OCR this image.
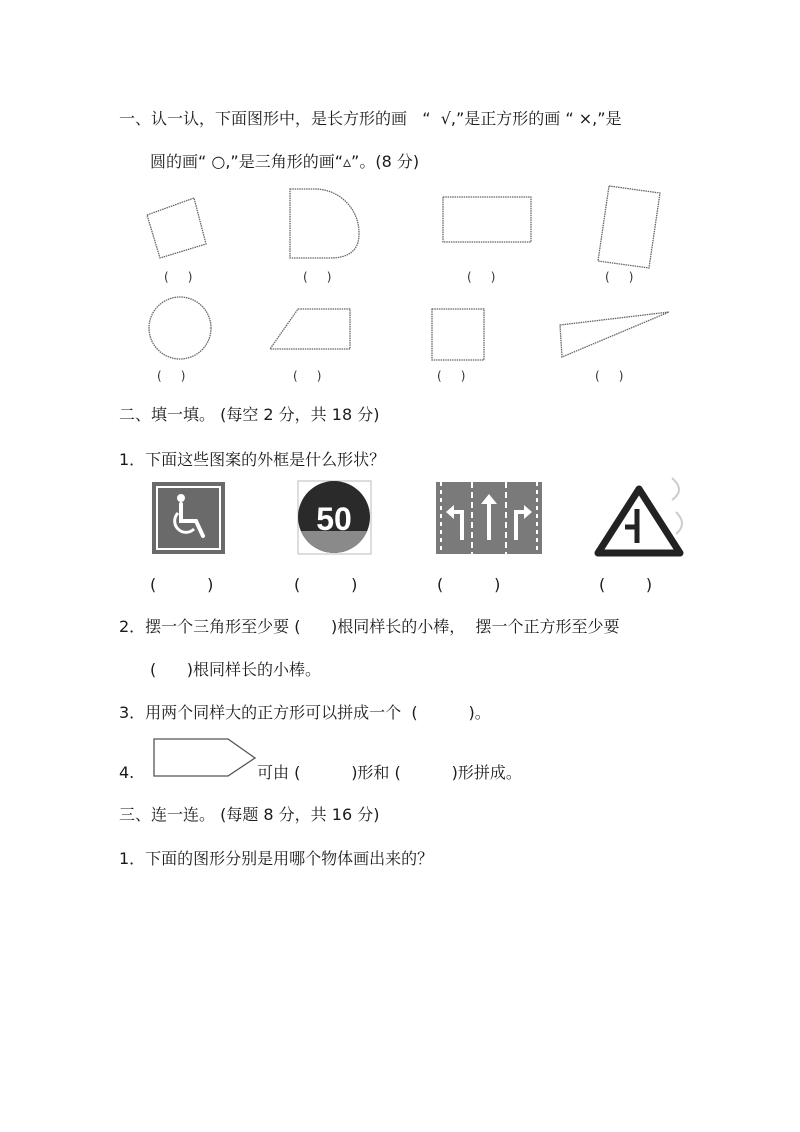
一、认一认，下面图形中，是长方形的画   “  √,”是正方形的画 “ ×,”是
圆的画“ ○,”是三角形的画“▵”。(8 分)
50
(     )	(     )	(     )	(     )
(     )	(     )	(     )	(     )
二、填一填。 (每空 2 分，共 18 分)
1．下面这些图案的外框是什么形状？
(          )	(          )	(          )	(        )
2．摆一个三角形至少要 (      )根同样长的小棒，  摆一个正方形至少要
(      )根同样长的小棒。
3．用两个同样大的正方形可以拼成一个  (          )。
4.	可由 (          )形和 (          )形拼成。
三、连一连。 (每题 8 分，共 16 分)
1．下面的图形分别是用哪个物体画出来的？
